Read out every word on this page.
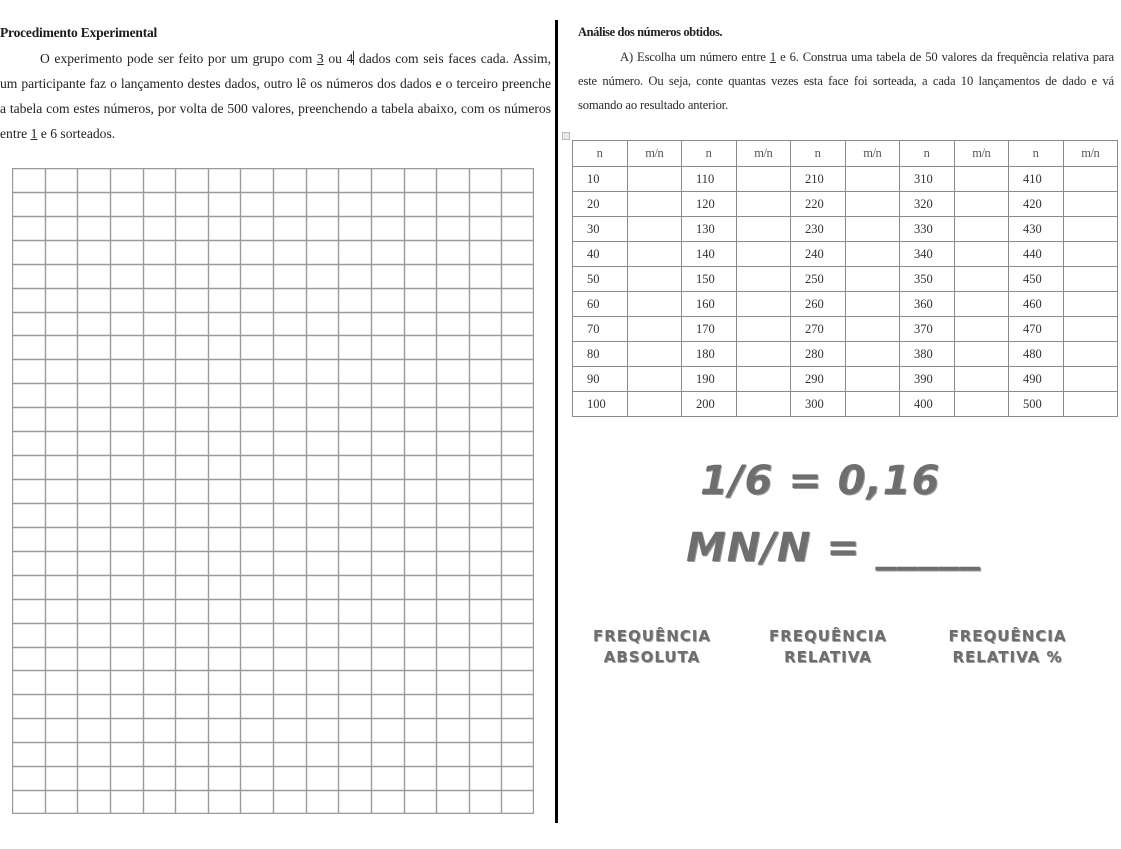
Procedimento Experimental
O experimento pode ser feito por um grupo com 3 ou 4 dados com seis faces cada. Assim, um participante faz o lançamento destes dados, outro lê os números dos dados e o terceiro preenche a tabela com estes números, por volta de 500 valores, preenchendo a tabela abaixo, com os números entre 1 e 6 sorteados.
Análise dos números obtidos.
A) Escolha um número entre 1 e 6. Construa uma tabela de 50 valores da frequência relativa para este número. Ou seja, conte quantas vezes esta face foi sorteada, a cada 10 lançamentos de dado e vá somando ao resultado anterior.
n	m/n	n	m/n	n	m/n	n	m/n	n	m/n
10		110		210		310		410	
20		120		220		320		420	
30		130		230		330		430	
40		140		240		340		440	
50		150		250		350		450	
60		160		260		360		460	
70		170		270		370		470	
80		180		280		380		480	
90		190		290		390		490	
100		200		300		400		500	
1/6 = 0,16
MN/N = _____
FREQUÊNCIA
ABSOLUTA
FREQUÊNCIA
RELATIVA
FREQUÊNCIA
RELATIVA %
